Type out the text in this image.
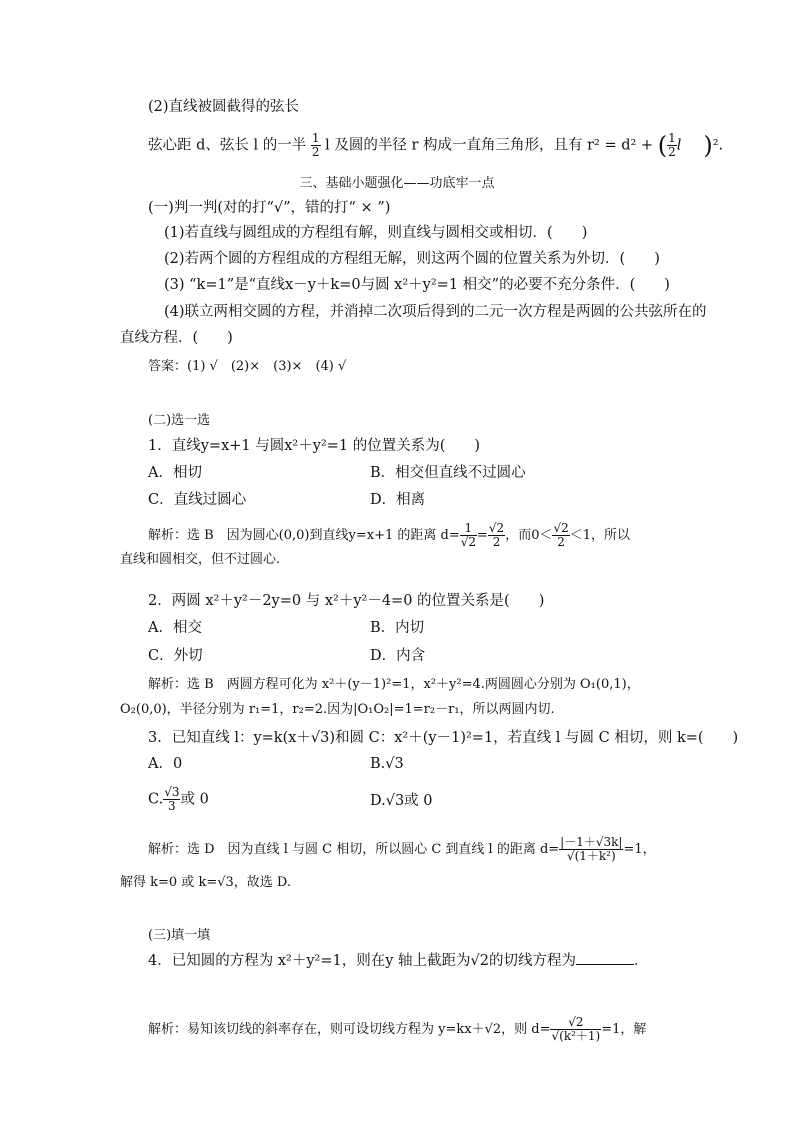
(2)直线被圆截得的弦长
弦心距 d、弦长 l 的一半 $\frac{1}{2}$ l 及圆的半径 r 构成一直角三角形，且有 r² = d² + ( $\frac{1}{2}$ l )².
三、基础小题强化——功底牢一点
(一)判一判(对的打“√”，错的打“ × ”)
(1)若直线与圆组成的方程组有解，则直线与圆相交或相切．(　　)
(2)若两个圆的方程组成的方程组无解，则这两个圆的位置关系为外切．(　　)
(3) “k=1”是“直线x－y＋k=0与圆 x²＋y²=1 相交”的必要不充分条件．(　　)
(4)联立两相交圆的方程，并消掉二次项后得到的二元一次方程是两圆的公共弦所在的
直线方程．(　　)
答案：(1) √　(2)×　(3)×　(4) √
(二)选一选
1．直线y=x+1 与圆x²＋y²=1 的位置关系为(　　)
A．相切	B．相交但直线不过圆心
C．直线过圆心	D．相离
解析：选 B　因为圆心(0,0)到直线y=x+1 的距离 $d= \frac{1}{√2} = \frac{√2}{2}$ ，而$0< \frac{√2}{2} <1$，所以
直线和圆相交，但不过圆心.
2．两圆 x²＋y²－2y=0 与 x²＋y²－4=0 的位置关系是(　　)
A．相交	B．内切
C．外切	D．内含
解析：选 B　两圆方程可化为 x²＋(y－1)²=1，x²＋y²=4.两圆圆心分别为 O₁(0,1)，
O₂(0,0)，半径分别为 r₁=1，r₂=2.因为|O₁O₂|=1=r₂－r₁，所以两圆内切.
3．已知直线 l：y=k(x＋√3)和圆 C：x²＋(y－1)²=1，若直线 l 与圆 C 相切，则 k=(　　)
A．0	B.√3
C. $\frac{√3}{3}$ 或 0	D.√3或 0
解析：选 D　因为直线 l 与圆 C 相切，所以圆心 C 到直线 l 的距离 $d= \frac{|-1+√3k|}{\text{√(1＋k²)}} =1$，
解得 k=0 或 k=√3，故选 D.
(三)填一填
4．已知圆的方程为 x²＋y²=1，则在y 轴上截距为√2的切线方程为	．
解析：易知该切线的斜率存在，则可设切线方程为 y=kx＋√2，则 $d= \frac{√2}{\text{√(k²＋1)}} =1$，解
